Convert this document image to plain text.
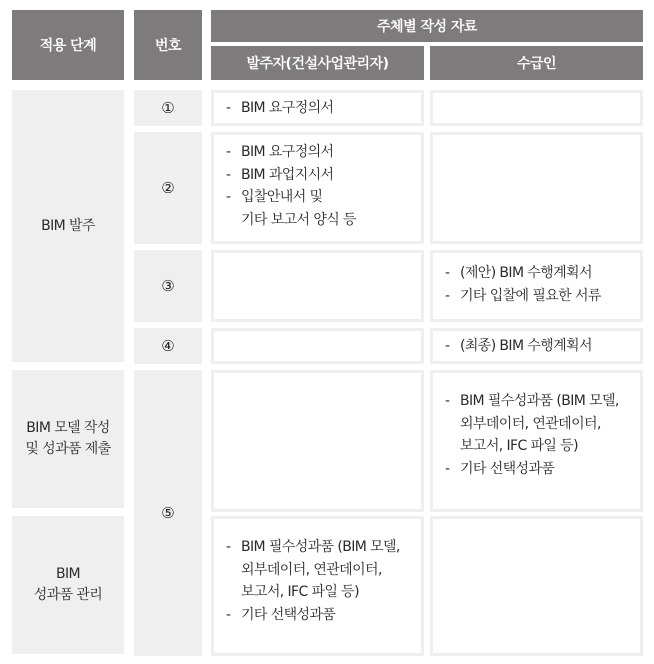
적용 단계	번호
주체별 작성 자료
발주자(건설사업관리자)	수급인
BIM 발주
BIM 모델 작성
및 성과품 제출
BIM
성과품 관리
①
②
③
④
⑤
- BIM 요구정의서
- BIM 요구정의서
- BIM 과업지시서
- 입찰안내서 및
기타 보고서 양식 등
- (제안) BIM 수행계획서
- 기타 입찰에 필요한 서류
- (최종) BIM 수행계획서
- BIM 필수성과품 (BIM 모델,
외부데이터, 연관데이터,
보고서, IFC 파일 등)
- 기타 선택성과품
- BIM 필수성과품 (BIM 모델,
외부데이터, 연관데이터,
보고서, IFC 파일 등)
- 기타 선택성과품
